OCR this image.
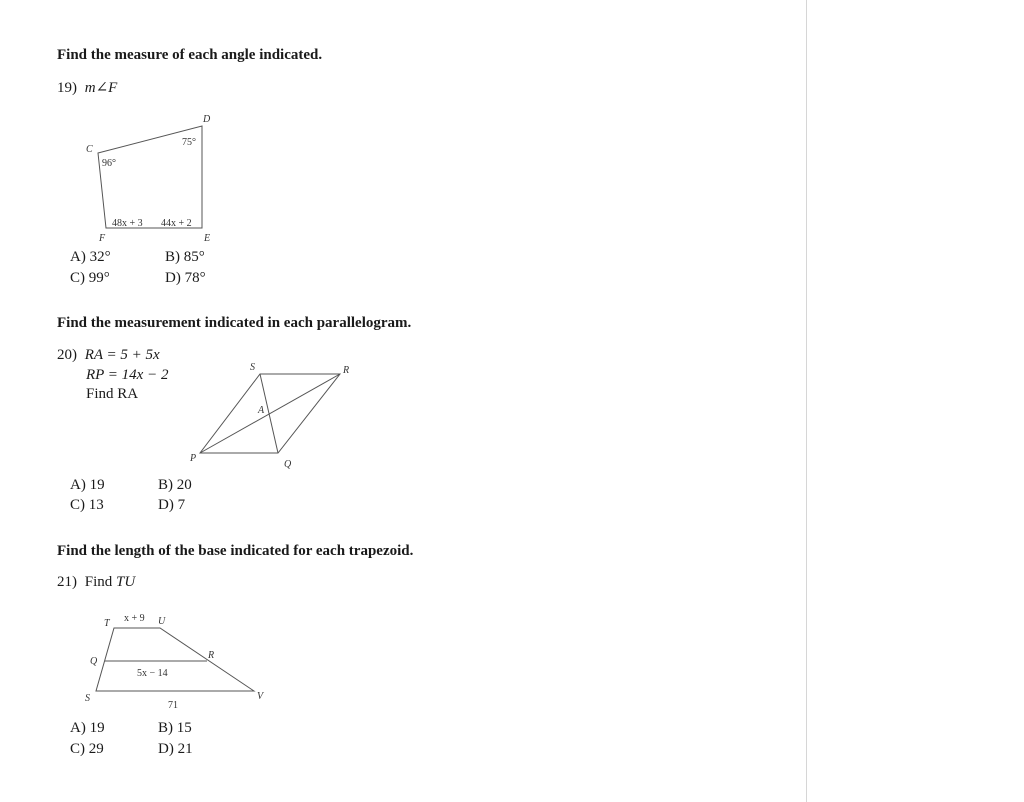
Find the measure of each angle indicated.
19) m∠F
C
D
E
F
96°
75°
48x + 3 44x + 2
A) 32°	B) 85°
C) 99°	D) 78°
Find the measurement indicated in each parallelogram.
20) RA = 5 + 5x
RP = 14x − 2
Find RA
S	R
P
Q
A
A) 19	B) 20
C) 13	D) 7
Find the length of the base indicated for each trapezoid.
21) Find TU
T	U
Q
R
S	V
x + 9
5x − 14
71
A) 19	B) 15
C) 29	D) 21
